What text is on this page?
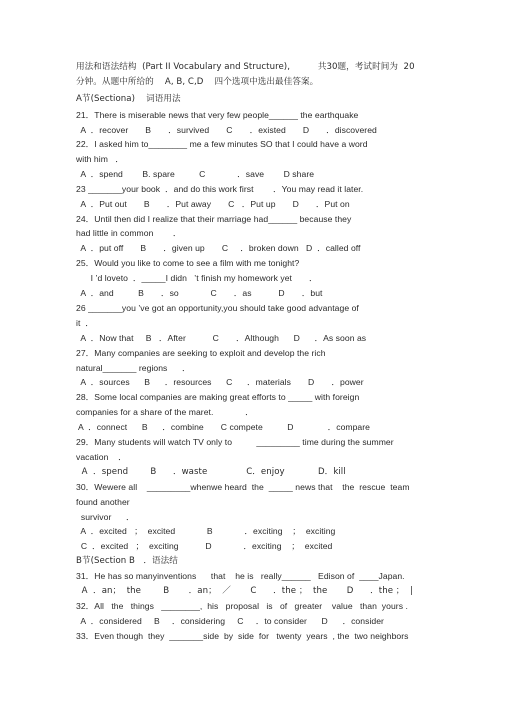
用法和语法结构  (Part II Vocabulary and Structure),          共30题，考试时间为  20
分钟。从题中所给的    A, B, C,D    四个选项中选出最佳答案。
A节(Sectiona)    词语用法
21．There is miserable news that very few people______ the earthquake
A  ．recover       B       ．survived       C       ．existed       D       ．discovered
22．I asked him to________ me a few minutes SO that I could have a word
with him   ．
A  ．spend        B. spare          C             ．save        D share
23 _______your book  ．and do this work first        ．You may read it later.
A  ．Put out       B       ．Put away       C   ．Put up       D       ．Put on
24．Until then did I realize that their marriage had______ because they
had little in common        ．
A  ．put off       B       ．given up       C     ．broken down   D  ．called off
25．Would you like to come to see a film with me tonight?
I ’d loveto  ．_____I didn   ’t finish my homework yet       ．
A  ．and          B       ．so             C       ．as           D       ．but
26 _______you ’ve got an opportunity,you should take good advantage of
it  ．
A  ．Now that     B   ．After           C       ．Although      D      ．As soon as
27．Many companies are seeking to exploit and develop the rich
natural_______ regions      ．
A  ．sources      B      ．resources      C      ．materials       D       ．power
28．Some local companies are making great efforts to _____ with foreign
companies for a share of the maret.             ．
A  ．connect      B      ．combine       C compete          D              ．compare
29．Many students will watch TV only to          _________ time during the summer
vacation    ．
A  ．spend        B      ．waste              C．enjoy            D．kill
30．Wewere all    _________whenwe heard  the  _____ news that    the  rescue  team
found another
survivor      ．
A  ．excited   ；  excited             B             ．exciting    ；  exciting
C  ．excited   ；  exciting           D             ．exciting    ；  excited
B节(Section B   ．语法结
31．He has so manyinventions      that    he is   really______   Edison of  ____Japan.
A  ．an；  the        B       ．an；  ／       C      ．the ；  the       D      ．the ；  |
32．All   the   things   ________,  his   proposal   is   of   greater    value   than  yours .
A  ．considered     B     ．considering     C     ．to consider      D      ．consider
33．Even though  they  _______side  by  side  for   twenty  years  , the  two neighbors
